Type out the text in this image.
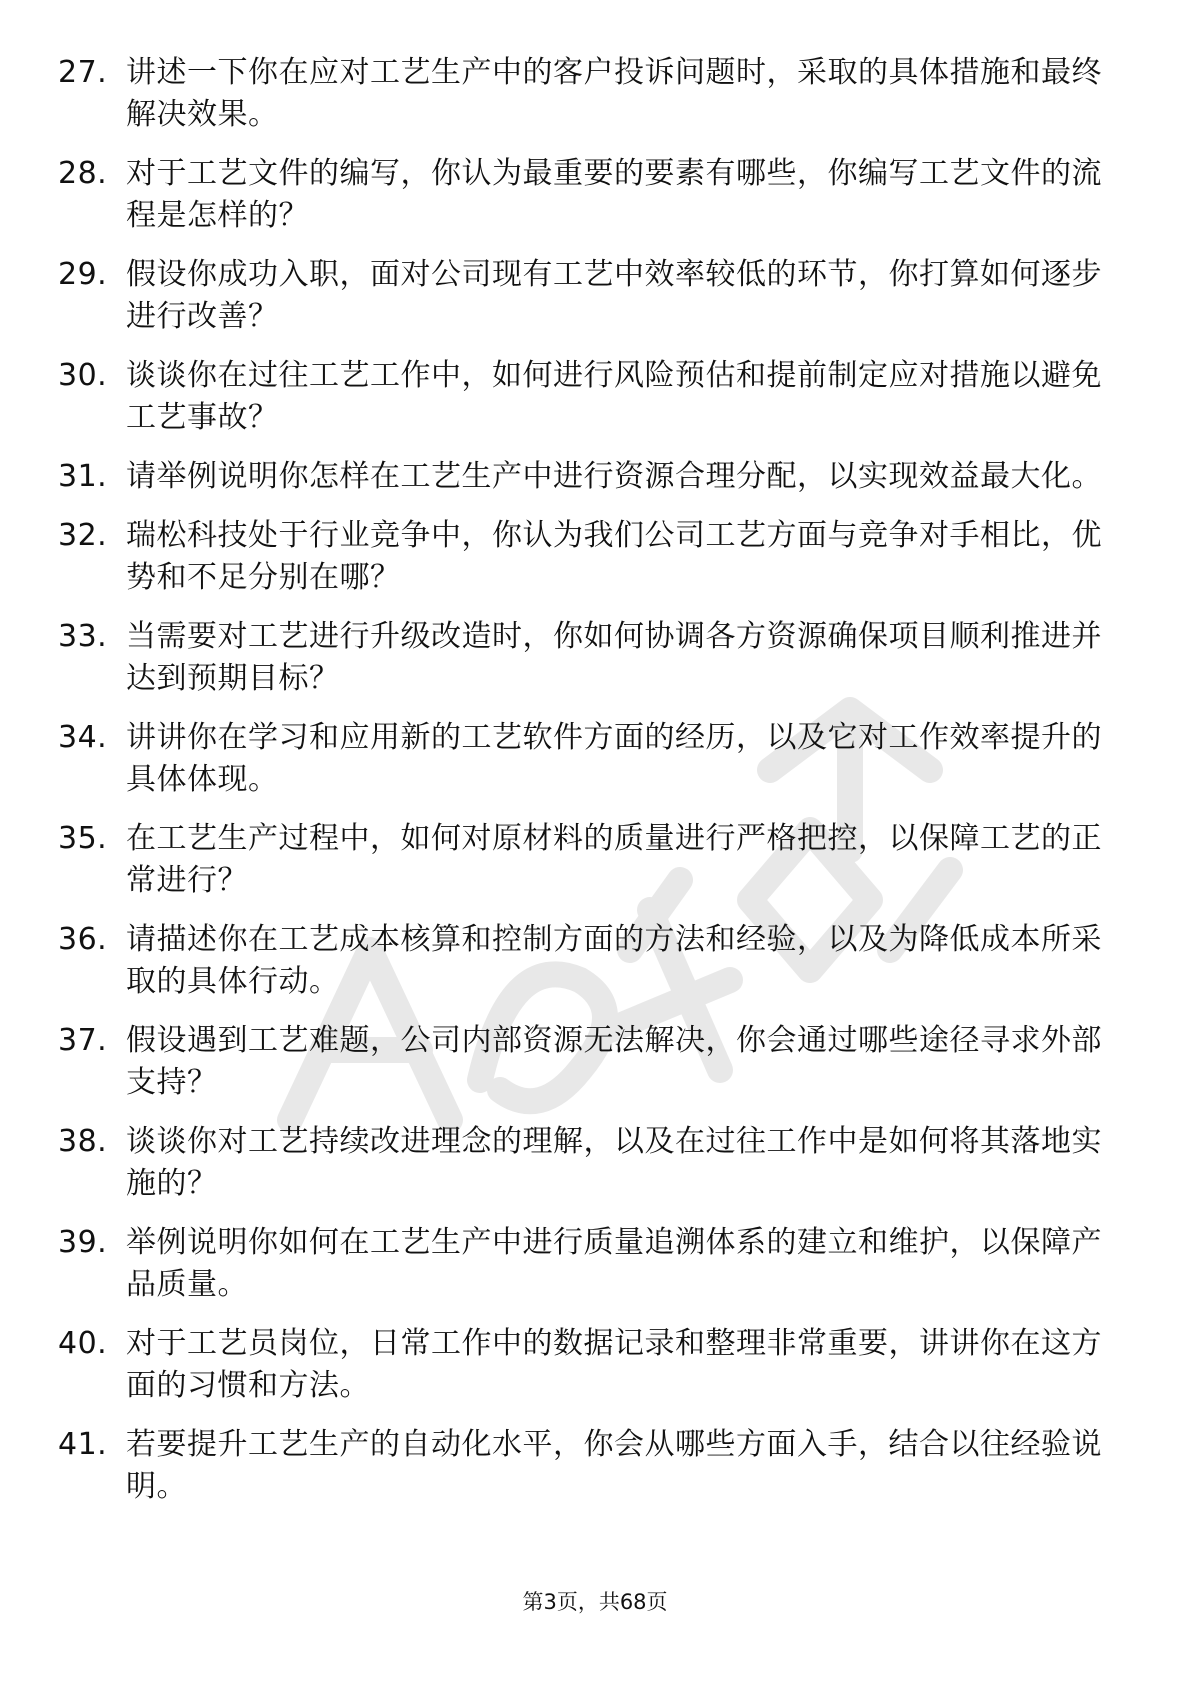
27. 讲述一下你在应对工艺生产中的客户投诉问题时，采取的具体措施和最终解决效果。
28. 对于工艺文件的编写，你认为最重要的要素有哪些，你编写工艺文件的流程是怎样的？
29. 假设你成功入职，面对公司现有工艺中效率较低的环节，你打算如何逐步进行改善？
30. 谈谈你在过往工艺工作中，如何进行风险预估和提前制定应对措施以避免工艺事故？
31. 请举例说明你怎样在工艺生产中进行资源合理分配，以实现效益最大化。
32. 瑞松科技处于行业竞争中，你认为我们公司工艺方面与竞争对手相比，优势和不足分别在哪？
33. 当需要对工艺进行升级改造时，你如何协调各方资源确保项目顺利推进并达到预期目标？
34. 讲讲你在学习和应用新的工艺软件方面的经历，以及它对工作效率提升的具体体现。
35. 在工艺生产过程中，如何对原材料的质量进行严格把控，以保障工艺的正常进行？
36. 请描述你在工艺成本核算和控制方面的方法和经验，以及为降低成本所采取的具体行动。
37. 假设遇到工艺难题，公司内部资源无法解决，你会通过哪些途径寻求外部支持？
38. 谈谈你对工艺持续改进理念的理解，以及在过往工作中是如何将其落地实施的？
39. 举例说明你如何在工艺生产中进行质量追溯体系的建立和维护，以保障产品质量。
40. 对于工艺员岗位，日常工作中的数据记录和整理非常重要，讲讲你在这方面的习惯和方法。
41. 若要提升工艺生产的自动化水平，你会从哪些方面入手，结合以往经验说明。
第3页，共68页
